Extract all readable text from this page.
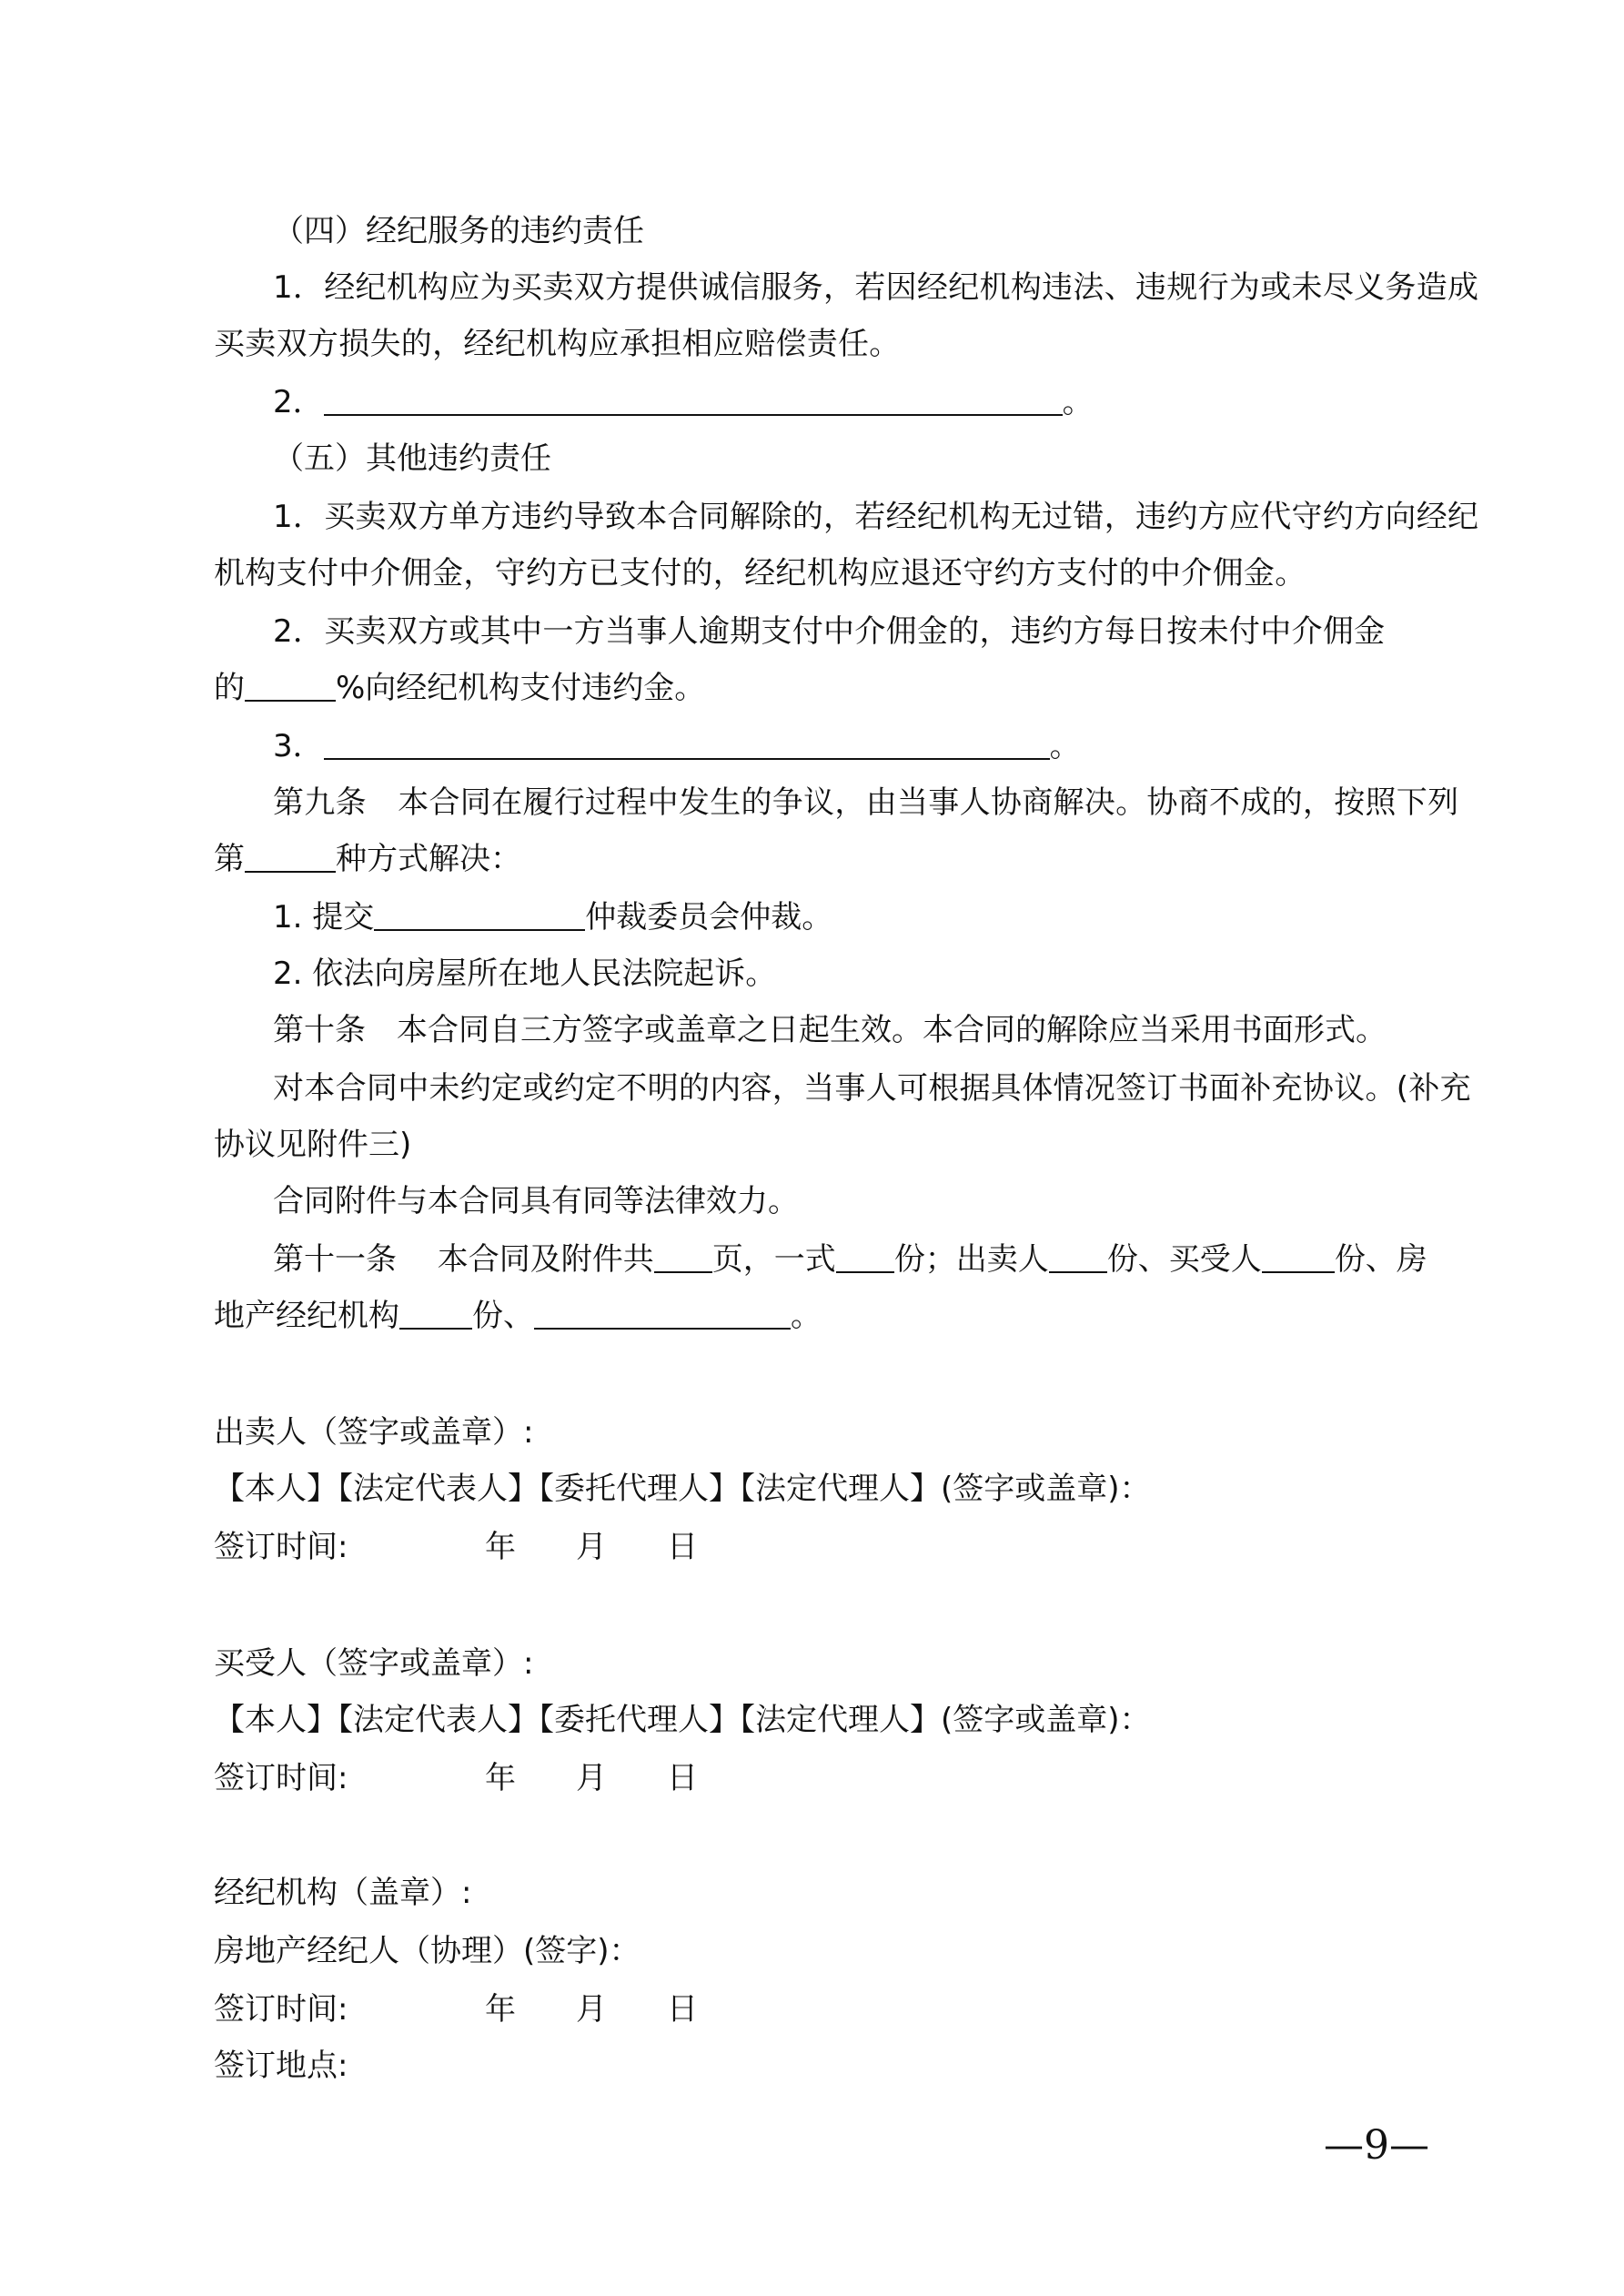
（四）经纪服务的违约责任
1．经纪机构应为买卖双方提供诚信服务，若因经纪机构违法、违规行为或未尽义务造成
买卖双方损失的，经纪机构应承担相应赔偿责任。
2．	。
（五）其他违约责任
1．买卖双方单方违约导致本合同解除的，若经纪机构无过错，违约方应代守约方向经纪
机构支付中介佣金，守约方已支付的，经纪机构应退还守约方支付的中介佣金。
2．买卖双方或其中一方当事人逾期支付中介佣金的，违约方每日按未付中介佣金
的	%向经纪机构支付违约金。
3．	。
第九条　本合同在履行过程中发生的争议，由当事人协商解决。协商不成的，按照下列
第	种方式解决：
1. 提交	仲裁委员会仲裁。
2. 依法向房屋所在地人民法院起诉。
第十条　本合同自三方签字或盖章之日起生效。本合同的解除应当采用书面形式。
对本合同中未约定或约定不明的内容，当事人可根据具体情况签订书面补充协议。(补充
协议见附件三)
合同附件与本合同具有同等法律效力。
第十一条　 本合同及附件共 页，一式 份；出卖人 份、买受人 份、房
地产经纪机构 份、	。
出卖人（签字或盖章）:
【本人】【法定代表人】【委托代理人】【法定代理人】(签字或盖章)：
签订时间:	年 月 日
买受人（签字或盖章）:
【本人】【法定代表人】【委托代理人】【法定代理人】(签字或盖章)：
签订时间:	年 月 日
经纪机构（盖章）:
房地产经纪人（协理）(签字)：
签订时间:	年 月 日
签订地点:
—9—
